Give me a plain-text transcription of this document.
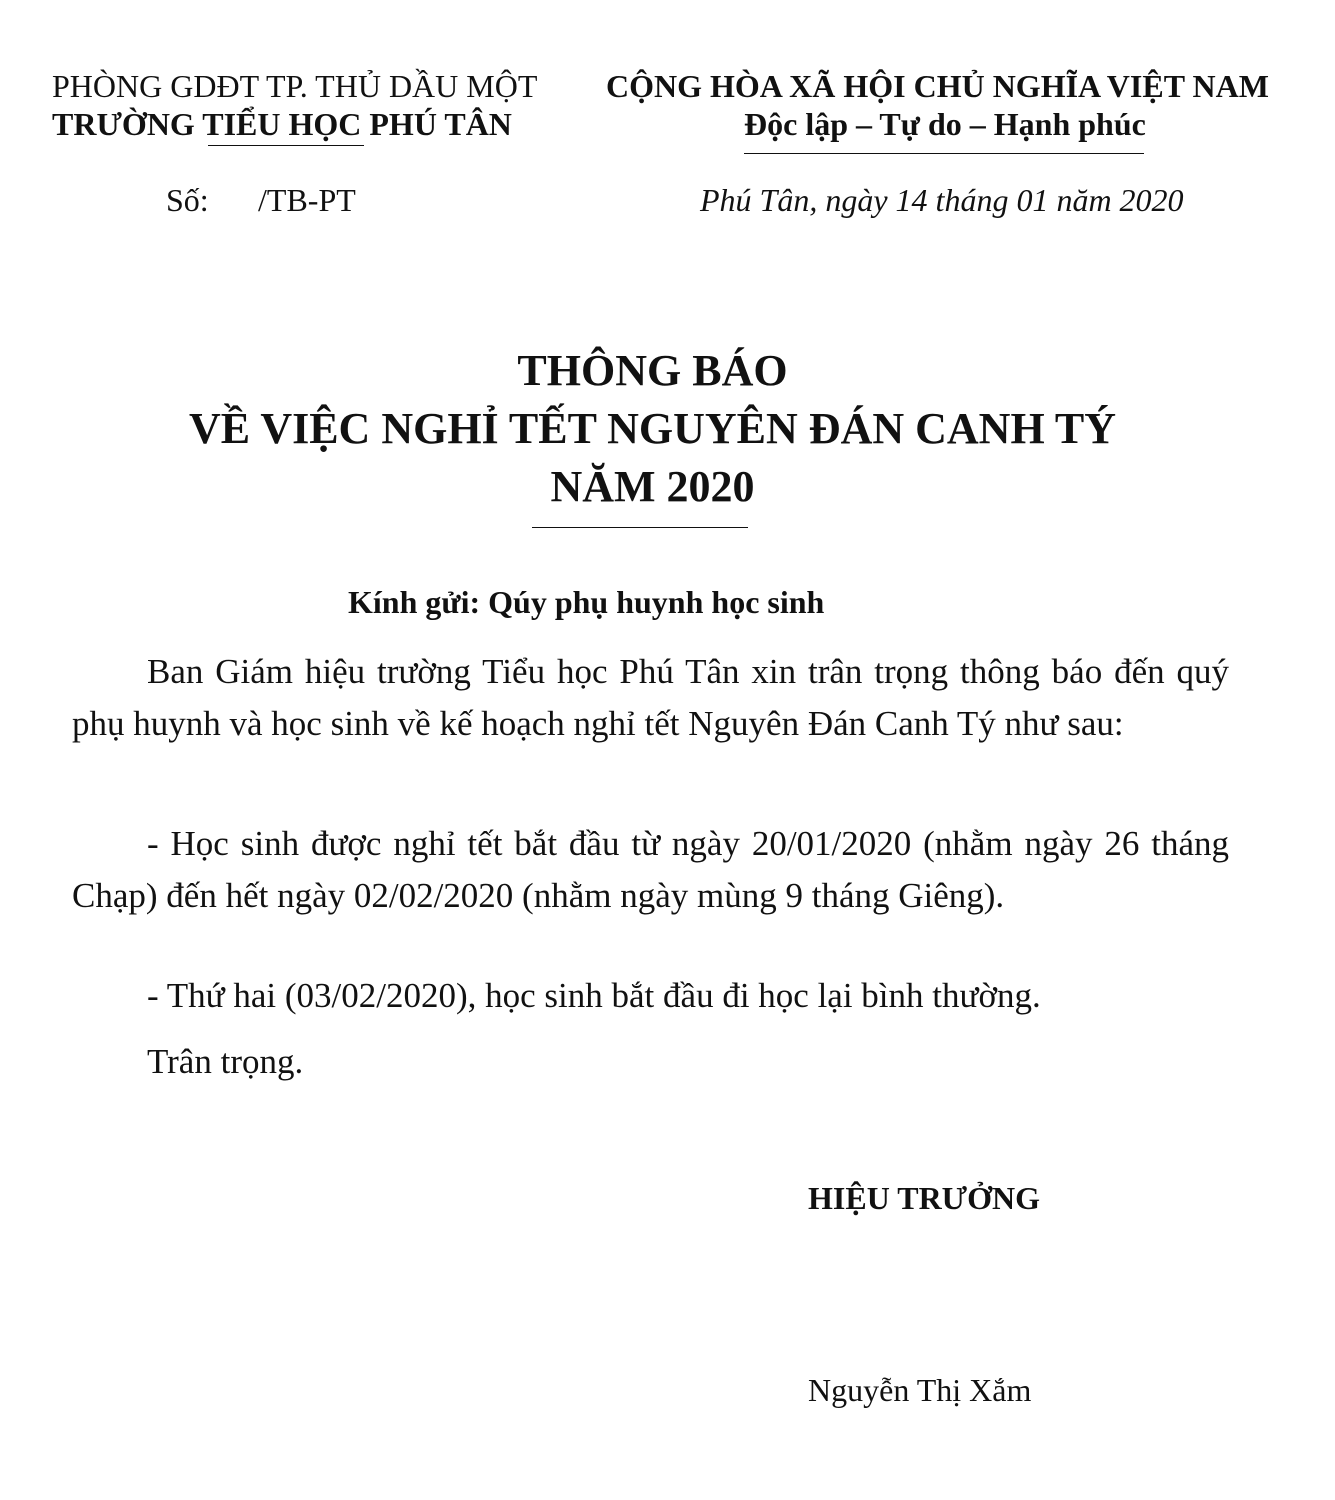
PHÒNG GDĐT TP. THỦ DẦU MỘT
TRƯỜNG TIỂU HỌC PHÚ TÂN
CỘNG HÒA XÃ HỘI CHỦ NGHĨA VIỆT NAM
Độc lập – Tự do – Hạnh phúc
Số: /TB-PT	Phú Tân, ngày 14 tháng 01 năm 2020
THÔNG BÁO
VỀ VIỆC NGHỈ TẾT NGUYÊN ĐÁN CANH TÝ
NĂM 2020
Kính gửi: Qúy phụ huynh học sinh
Ban Giám hiệu trường Tiểu học Phú Tân xin trân trọng thông báo đến quý phụ huynh và học sinh về kế hoạch nghỉ tết Nguyên Đán Canh Tý như sau:
- Học sinh được nghỉ tết bắt đầu từ ngày 20/01/2020 (nhằm ngày 26 tháng Chạp) đến hết ngày 02/02/2020 (nhằm ngày mùng 9 tháng Giêng).
- Thứ hai (03/02/2020), học sinh bắt đầu đi học lại bình thường.
Trân trọng.
HIỆU TRƯỞNG
Nguyễn Thị Xắm
